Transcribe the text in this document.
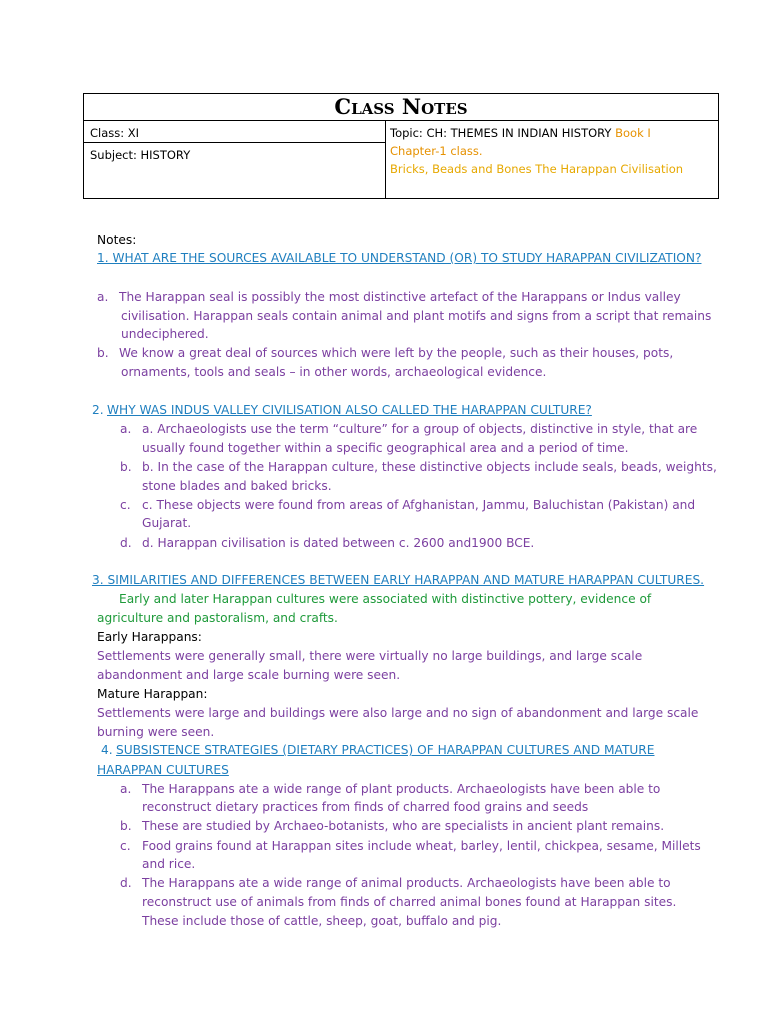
Class Notes
Class: XI
Subject: HISTORY
Topic: CH: THEMES IN INDIAN HISTORY Book I
Chapter-1 class.
Bricks, Beads and Bones The Harappan Civilisation
Notes:
1. WHAT ARE THE SOURCES AVAILABLE TO UNDERSTAND (OR) TO STUDY HARAPPAN CIVILIZATION?
a. The Harappan seal is possibly the most distinctive artefact of the Harappans or Indus valley
civilisation. Harappan seals contain animal and plant motifs and signs from a script that remains
undeciphered.
b. We know a great deal of sources which were left by the people, such as their houses, pots,
ornaments, tools and seals – in other words, archaeological evidence.
2. WHY WAS INDUS VALLEY CIVILISATION ALSO CALLED THE HARAPPAN CULTURE?
a. a. Archaeologists use the term “culture” for a group of objects, distinctive in style, that are
usually found together within a specific geographical area and a period of time.
b. b. In the case of the Harappan culture, these distinctive objects include seals, beads, weights,
stone blades and baked bricks.
c. c. These objects were found from areas of Afghanistan, Jammu, Baluchistan (Pakistan) and
Gujarat.
d. d. Harappan civilisation is dated between c. 2600 and1900 BCE.
3. SIMILARITIES AND DIFFERENCES BETWEEN EARLY HARAPPAN AND MATURE HARAPPAN CULTURES.
Early and later Harappan cultures were associated with distinctive pottery, evidence of
agriculture and pastoralism, and crafts.
Early Harappans:
Settlements were generally small, there were virtually no large buildings, and large scale
abandonment and large scale burning were seen.
Mature Harappan:
Settlements were large and buildings were also large and no sign of abandonment and large scale
burning were seen.
4. SUBSISTENCE STRATEGIES (DIETARY PRACTICES) OF HARAPPAN CULTURES AND MATURE
HARAPPAN CULTURES
a. The Harappans ate a wide range of plant products. Archaeologists have been able to
reconstruct dietary practices from finds of charred food grains and seeds
b. These are studied by Archaeo-botanists, who are specialists in ancient plant remains.
c. Food grains found at Harappan sites include wheat, barley, lentil, chickpea, sesame, Millets
and rice.
d. The Harappans ate a wide range of animal products. Archaeologists have been able to
reconstruct use of animals from finds of charred animal bones found at Harappan sites.
These include those of cattle, sheep, goat, buffalo and pig.
